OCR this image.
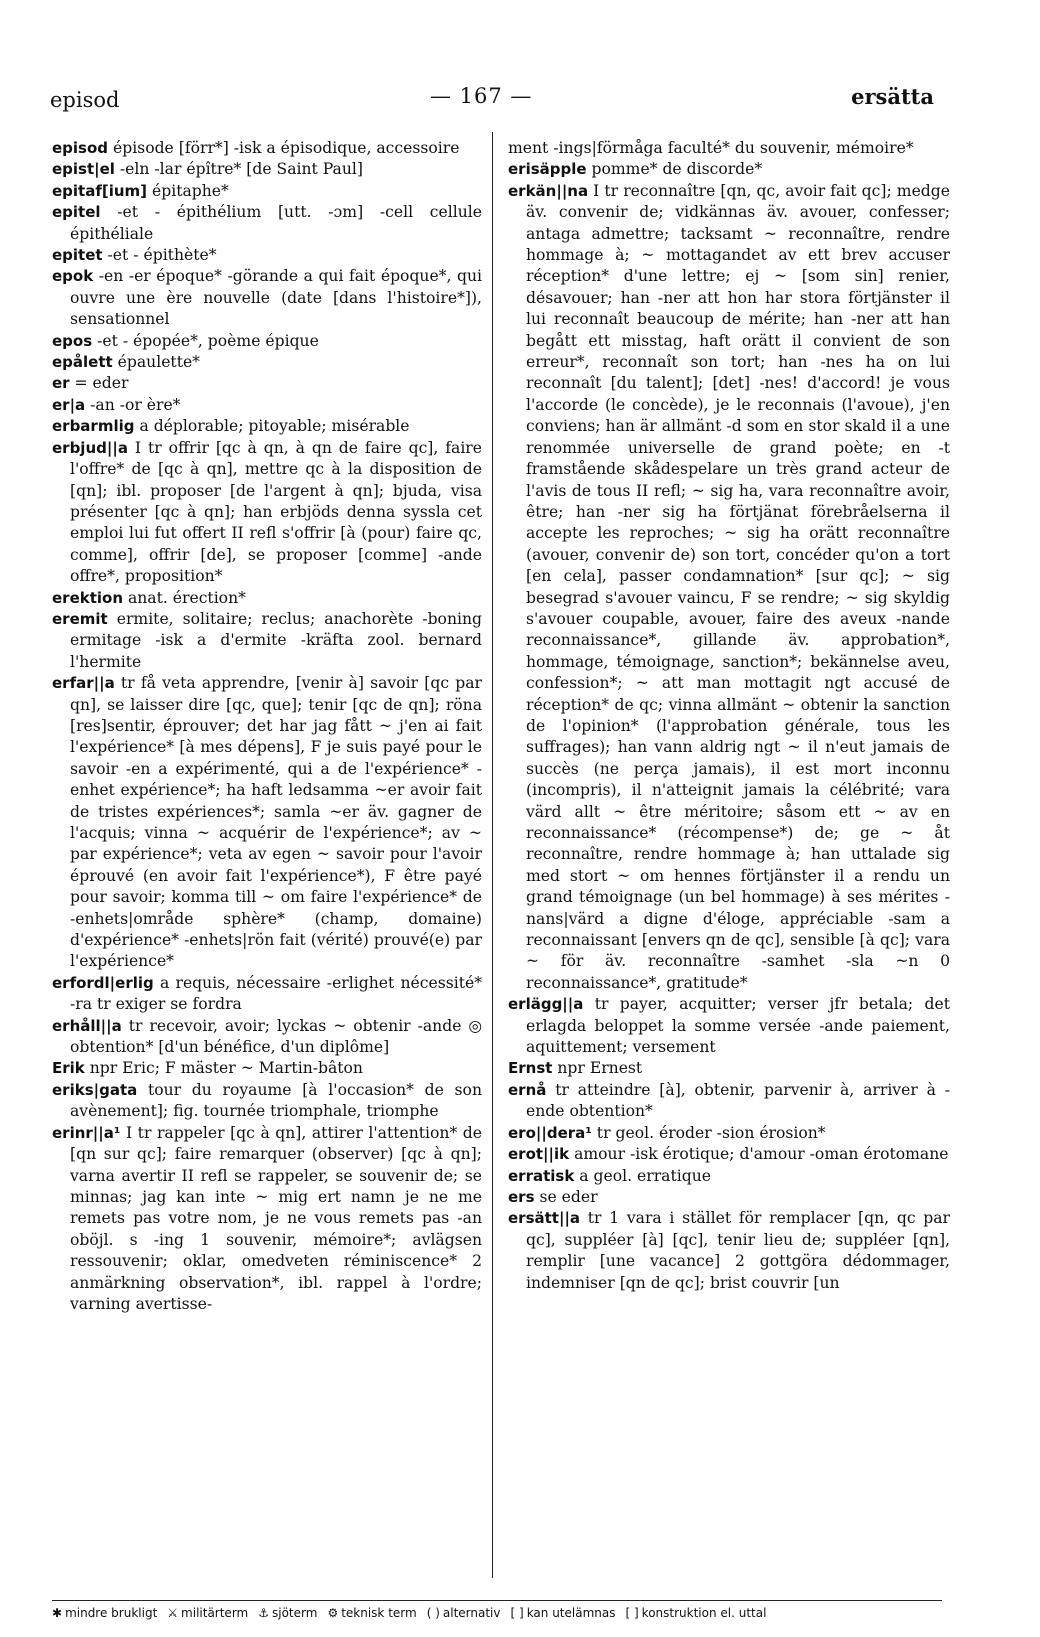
episod	— 167 —	ersätta

episod épisode [förr*] -isk a épisodique, accessoire

epist|el -eln -lar épître* [de Saint Paul]

epitaf[ium] épitaphe*

epitel -et - épithélium [utt. -ɔm] -cell cellule épithéliale

epitet -et - épithète*

epok -en -er époque* -görande a qui fait époque*, qui ouvre une ère nouvelle (date [dans l'histoire*]), sensationnel

epos -et - épopée*, poème épique

epålett épaulette*

er = eder

er|a -an -or ère*

erbarmlig a déplorable; pitoyable; misérable

erbjud||a I tr offrir [qc à qn, à qn de faire qc], faire l'offre* de [qc à qn], mettre qc à la disposition de [qn]; ibl. proposer [de l'argent à qn]; bjuda, visa présenter [qc à qn]; han erbjöds denna syssla cet emploi lui fut offert II refl s'offrir [à (pour) faire qc, comme], offrir [de], se proposer [comme] -ande offre*, proposition*

erektion anat. érection*

eremit ermite, solitaire; reclus; anachorète -boning ermitage -isk a d'ermite -kräfta zool. bernard l'hermite

erfar||a tr få veta apprendre, [venir à] savoir [qc par qn], se laisser dire [qc, que]; tenir [qc de qn]; röna [res]sentir, éprouver; det har jag fått ~ j'en ai fait l'expérience* [à mes dépens], F je suis payé pour le savoir -en a expérimenté, qui a de l'expérience* -enhet expérience*; ha haft ledsamma ~er avoir fait de tristes expériences*; samla ~er äv. gagner de l'acquis; vinna ~ acquérir de l'expérience*; av ~ par expérience*; veta av egen ~ savoir pour l'avoir éprouvé (en avoir fait l'expérience*), F être payé pour savoir; komma till ~ om faire l'expérience* de -enhets|område sphère* (champ, domaine) d'expérience* -enhets|rön fait (vérité) prouvé(e) par l'expérience*

erfordl|erlig a requis, nécessaire -erlighet nécessité* -ra tr exiger se fordra

erhåll||a tr recevoir, avoir; lyckas ~ obtenir -ande ◎ obtention* [d'un bénéfice, d'un diplôme]

Erik npr Eric; F mäster ~ Martin-bâton

eriks|gata tour du royaume [à l'occasion* de son avènement]; fig. tournée triomphale, triomphe

erinr||a¹ I tr rappeler [qc à qn], attirer l'attention* de [qn sur qc]; faire remarquer (observer) [qc à qn]; varna avertir II refl se rappeler, se souvenir de; se minnas; jag kan inte ~ mig ert namn je ne me remets pas votre nom, je ne vous remets pas -an oböjl. s -ing 1 souvenir, mémoire*; avlägsen ressouvenir; oklar, omedveten réminiscence* 2 anmärkning observation*, ibl. rappel à l'ordre; varning avertisse-

ment -ings|förmåga faculté* du souvenir, mémoire*

erisäpple pomme* de discorde*

erkän||na I tr reconnaître [qn, qc, avoir fait qc]; medge äv. convenir de; vidkännas äv. avouer, confesser; antaga admettre; tacksamt ~ reconnaître, rendre hommage à; ~ mottagandet av ett brev accuser réception* d'une lettre; ej ~ [som sin] renier, désavouer; han -ner att hon har stora förtjänster il lui reconnaît beaucoup de mérite; han -ner att han begått ett misstag, haft orätt il convient de son erreur*, reconnaît son tort; han -nes ha on lui reconnaît [du talent]; [det] -nes! d'accord! je vous l'accorde (le concède), je le reconnais (l'avoue), j'en conviens; han är allmänt -d som en stor skald il a une renommée universelle de grand poète; en -t framstående skådespelare un très grand acteur de l'avis de tous II refl; ~ sig ha, vara reconnaître avoir, être; han -ner sig ha förtjänat förebråelserna il accepte les reproches; ~ sig ha orätt reconnaître (avouer, convenir de) son tort, concéder qu'on a tort [en cela], passer condamnation* [sur qc]; ~ sig besegrad s'avouer vaincu, F se rendre; ~ sig skyldig s'avouer coupable, avouer, faire des aveux -nande reconnaissance*, gillande äv. approbation*, hommage, témoignage, sanction*; bekännelse aveu, confession*; ~ att man mottagit ngt accusé de réception* de qc; vinna allmänt ~ obtenir la sanction de l'opinion* (l'approbation générale, tous les suffrages); han vann aldrig ngt ~ il n'eut jamais de succès (ne perça jamais), il est mort inconnu (incompris), il n'atteignit jamais la célébrité; vara värd allt ~ être méritoire; såsom ett ~ av en reconnaissance* (récompense*) de; ge ~ åt reconnaître, rendre hommage à; han uttalade sig med stort ~ om hennes förtjänster il a rendu un grand témoignage (un bel hommage) à ses mérites -nans|värd a digne d'éloge, appréciable -sam a reconnaissant [envers qn de qc], sensible [à qc]; vara ~ för äv. reconnaître -samhet -sla ~n 0 reconnaissance*, gratitude*

erlägg||a tr payer, acquitter; verser jfr betala; det erlagda beloppet la somme versée -ande paiement, aquittement; versement

Ernst npr Ernest

ernå tr atteindre [à], obtenir, parvenir à, arriver à -ende obtention*

ero||dera¹ tr geol. éroder -sion érosion*

erot||ik amour -isk érotique; d'amour -oman érotomane

erratisk a geol. erratique

ers se eder

ersätt||a tr 1 vara i stället för remplacer [qn, qc par qc], suppléer [à] [qc], tenir lieu de; suppléer [qn], remplir [une vacance] 2 gottgöra dédommager, indemniser [qn de qc]; brist couvrir [un

✱ mindre brukligt ⚔ militärterm ⚓ sjöterm ⚙ teknisk term ( ) alternativ [ ] kan utelämnas [ ] konstruktion el. uttal
